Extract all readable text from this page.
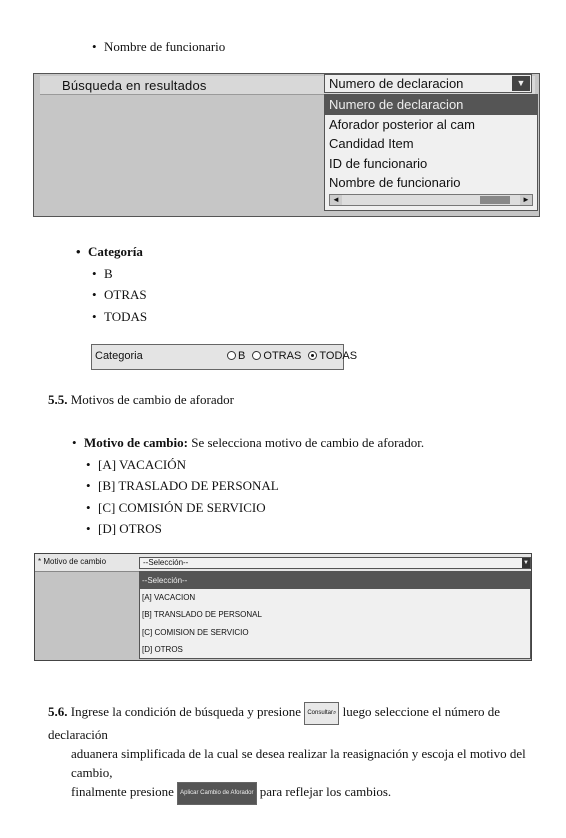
• Nombre de funcionario
Búsqueda en resultados	Numero de declaracion	▼
Numero de declaracion
Aforador posterior al cam
Candidad Item
ID de funcionario
Nombre de funcionario
◄	►
• Categoría
• B
• OTRAS
• TODAS
Categoria	B OTRAS TODAS
5.5. Motivos de cambio de aforador
• Motivo de cambio: Se selecciona motivo de cambio de aforador.
• [A] VACACIÓN
• [B] TRASLADO DE PERSONAL
• [C] COMISIÓN DE SERVICIO
• [D] OTROS
* Motivo de cambio	--Selección--	▼
--Selección--
[A] VACACION
[B] TRANSLADO DE PERSONAL
[C] COMISION DE SERVICIO
[D] OTROS
5.6. Ingrese la condición de búsqueda y presione Consultar⌕ luego seleccione el número de declaración
aduanera simplificada de la cual se desea realizar la reasignación y escoja el motivo del cambio,
finalmente presione Aplicar Cambio de Aforador para reflejar los cambios.
